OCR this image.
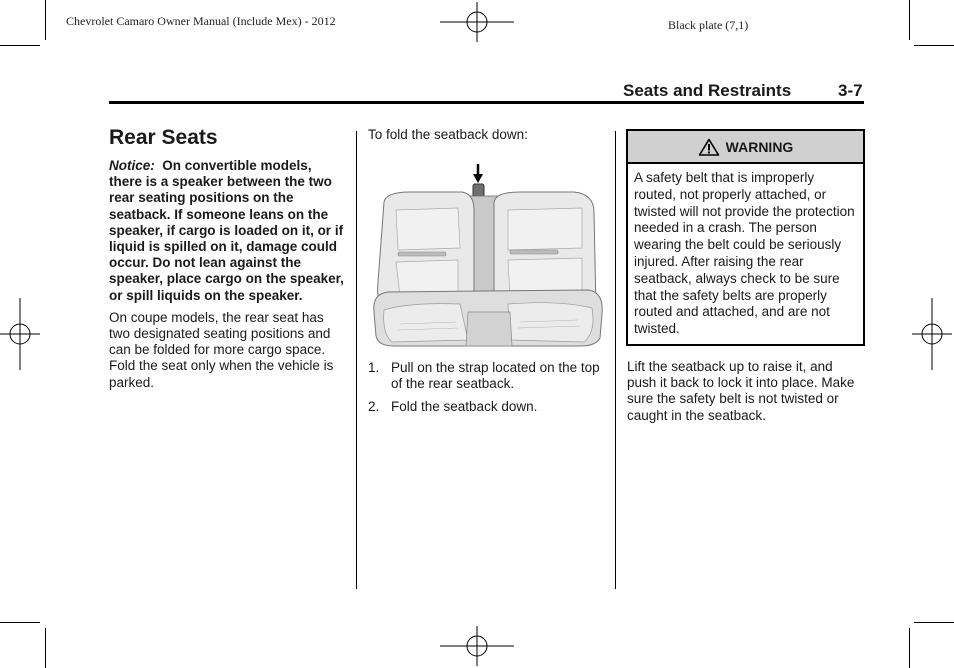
Chevrolet Camaro Owner Manual (Include Mex) - 2012	Black plate (7,1)
Seats and Restraints	3-7
Rear Seats

Notice: On convertible models, there is a speaker between the two rear seating positions on the seatback. If someone leans on the speaker, if cargo is loaded on it, or if liquid is spilled on it, damage could occur. Do not lean against the speaker, place cargo on the speaker, or spill liquids on the speaker.

On coupe models, the rear seat has two designated seating positions and can be folded for more cargo space. Fold the seat only when the vehicle is parked.

To fold the seatback down:
1. Pull on the strap located on the top of the rear seatback.
2. Fold the seatback down.
WARNING
A safety belt that is improperly routed, not properly attached, or twisted will not provide the protection needed in a crash. The person wearing the belt could be seriously injured. After raising the rear seatback, always check to be sure that the safety belts are properly routed and attached, and are not twisted.
Lift the seatback up to raise it, and push it back to lock it into place. Make sure the safety belt is not twisted or caught in the seatback.
